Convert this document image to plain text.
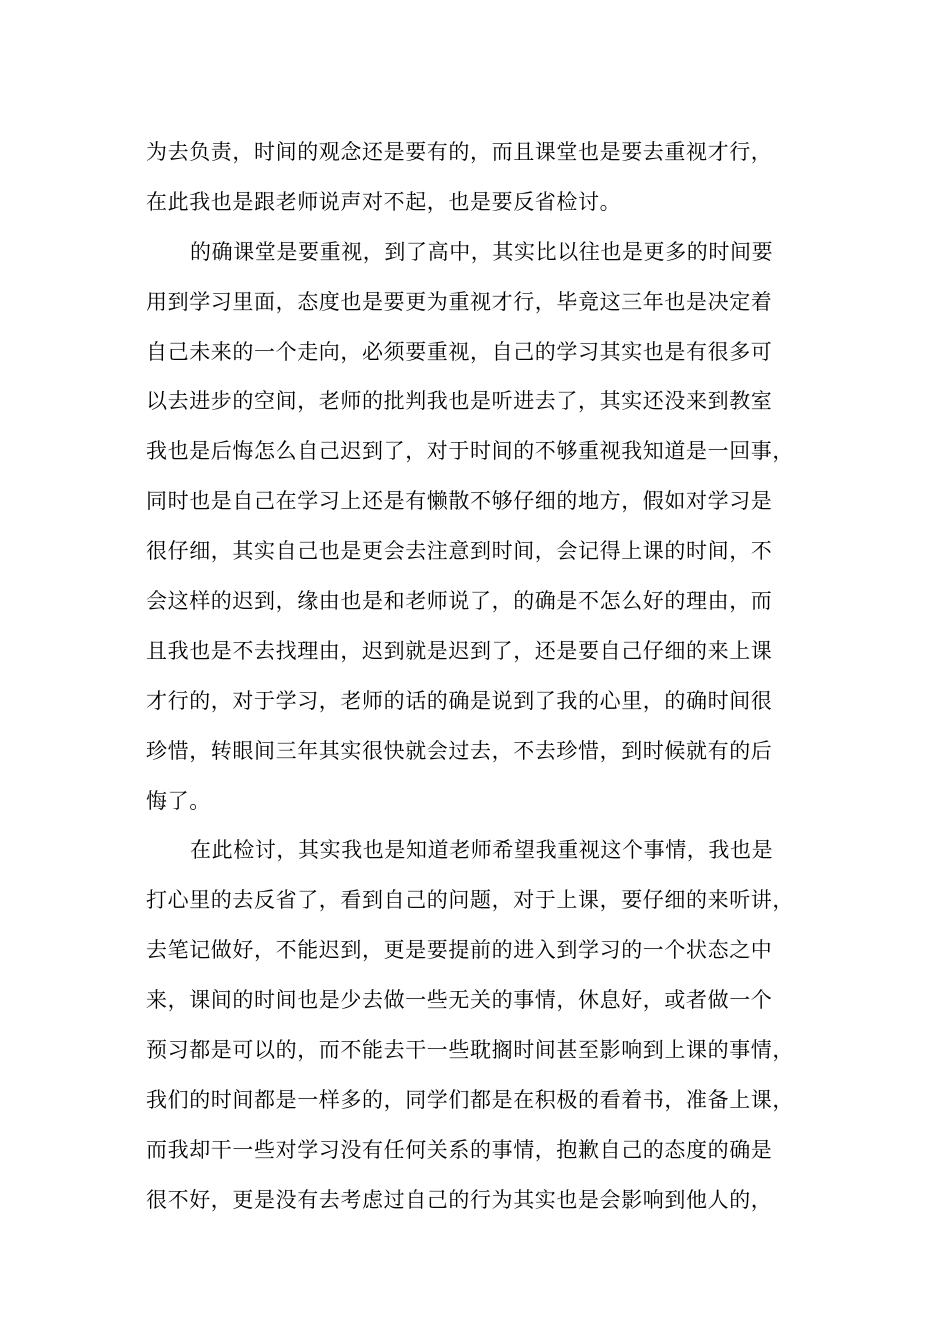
为去负责，时间的观念还是要有的，而且课堂也是要去重视才行，
在此我也是跟老师说声对不起，也是要反省检讨。
的确课堂是要重视，到了高中，其实比以往也是更多的时间要
用到学习里面，态度也是要更为重视才行，毕竟这三年也是决定着
自己未来的一个走向，必须要重视，自己的学习其实也是有很多可
以去进步的空间，老师的批判我也是听进去了，其实还没来到教室
我也是后悔怎么自己迟到了，对于时间的不够重视我知道是一回事，
同时也是自己在学习上还是有懒散不够仔细的地方，假如对学习是
很仔细，其实自己也是更会去注意到时间，会记得上课的时间，不
会这样的迟到，缘由也是和老师说了，的确是不怎么好的理由，而
且我也是不去找理由，迟到就是迟到了，还是要自己仔细的来上课
才行的，对于学习，老师的话的确是说到了我的心里，的确时间很
珍惜，转眼间三年其实很快就会过去，不去珍惜，到时候就有的后
悔了。
在此检讨，其实我也是知道老师希望我重视这个事情，我也是
打心里的去反省了，看到自己的问题，对于上课，要仔细的来听讲，
去笔记做好，不能迟到，更是要提前的进入到学习的一个状态之中
来，课间的时间也是少去做一些无关的事情，休息好，或者做一个
预习都是可以的，而不能去干一些耽搁时间甚至影响到上课的事情，
我们的时间都是一样多的，同学们都是在积极的看着书，准备上课，
而我却干一些对学习没有任何关系的事情，抱歉自己的态度的确是
很不好，更是没有去考虑过自己的行为其实也是会影响到他人的，
